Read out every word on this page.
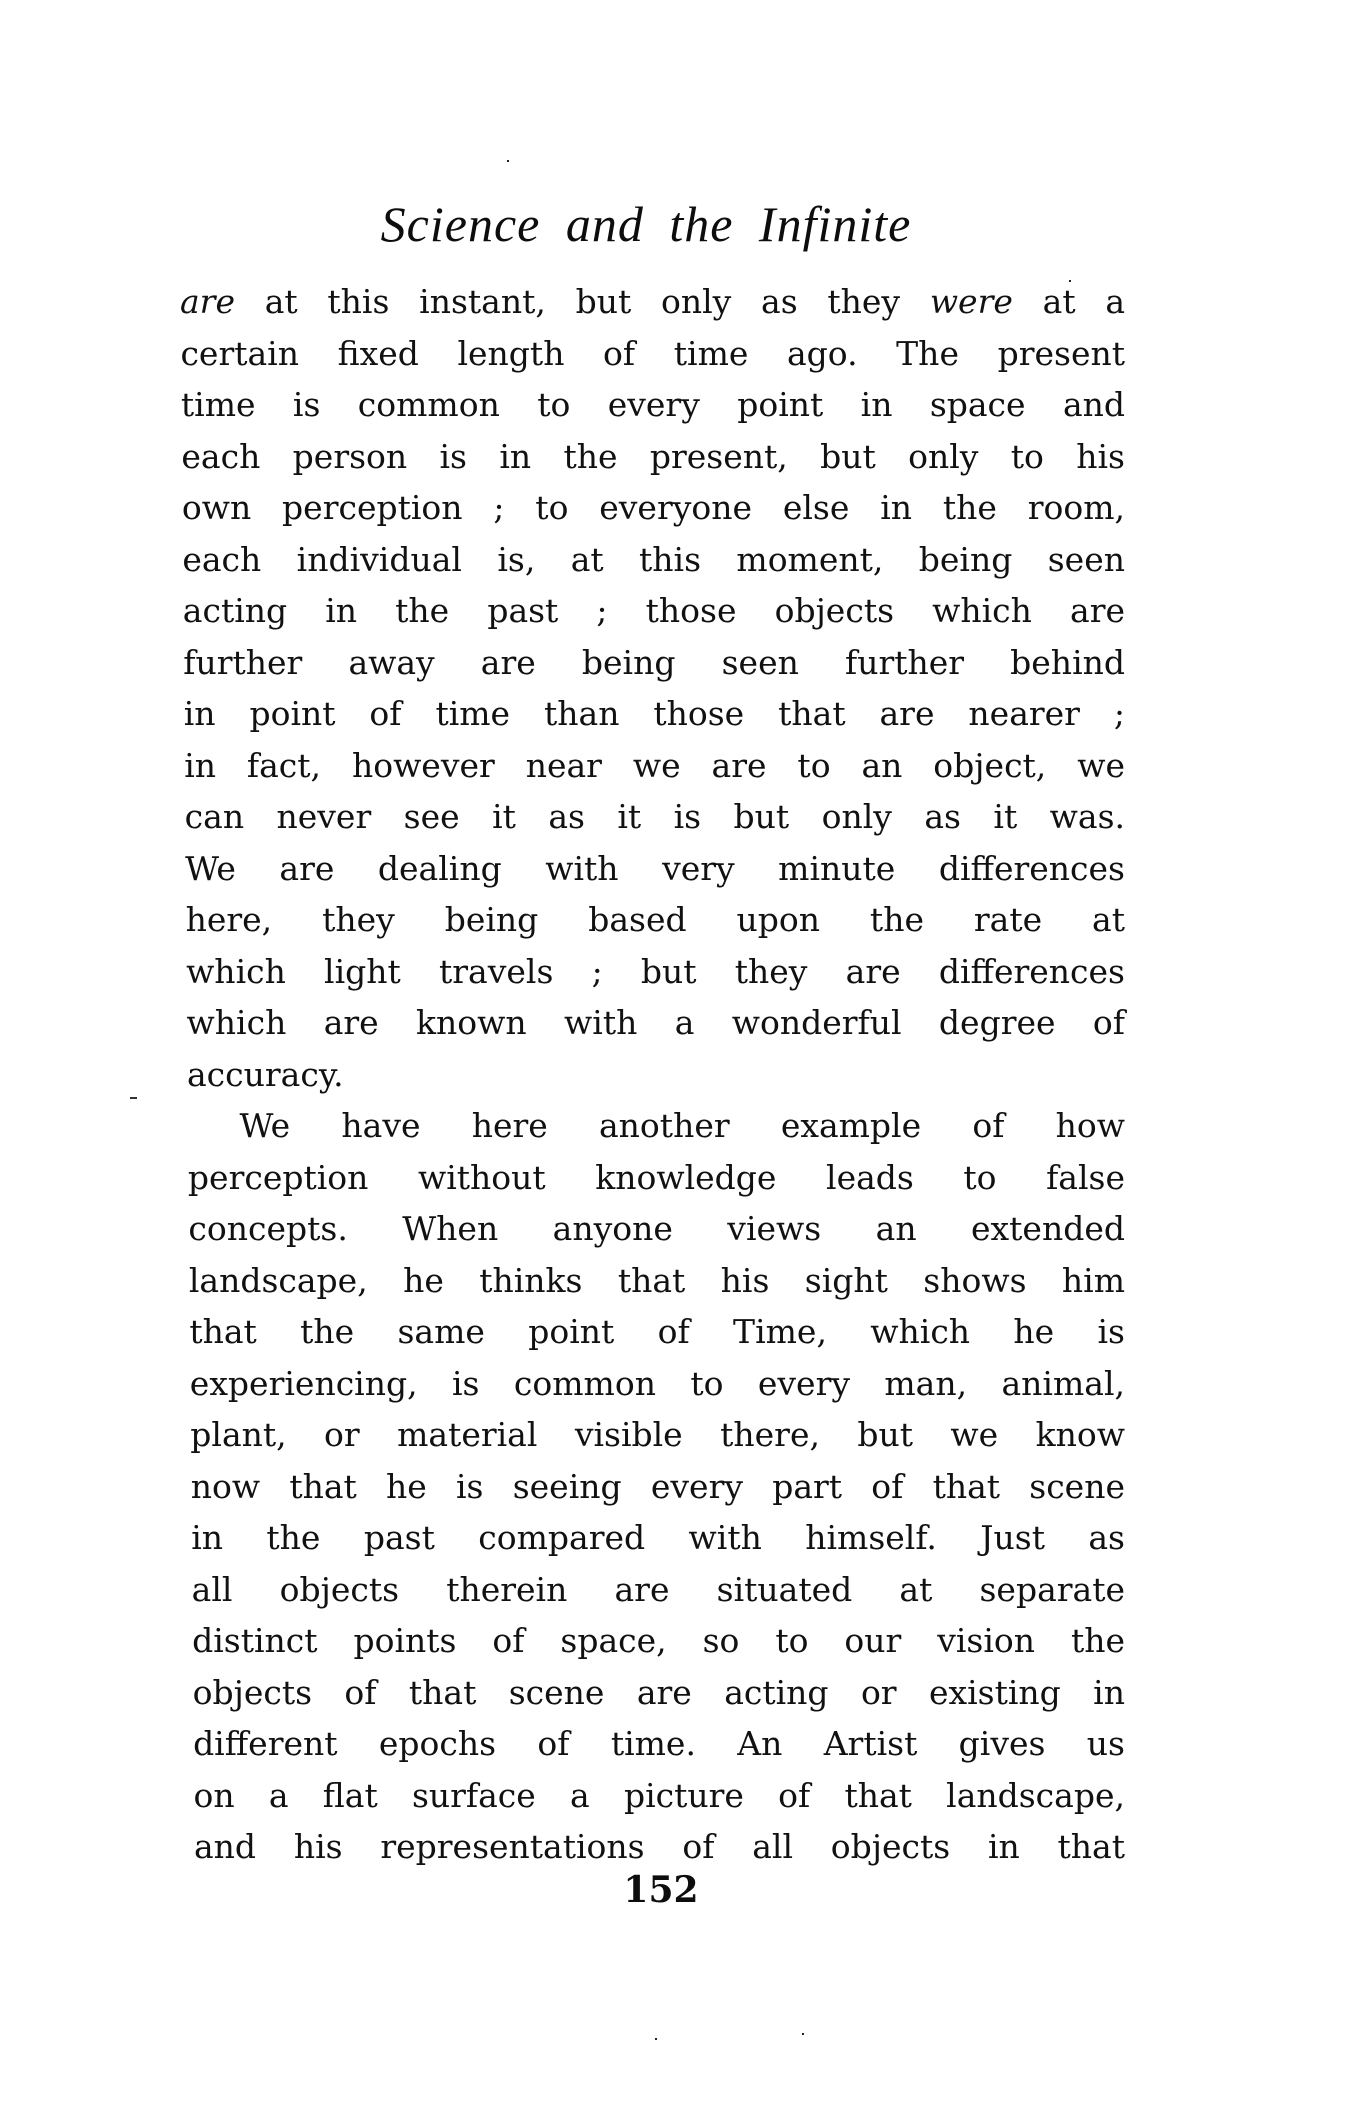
Science and the Infinite
are at this instant, but only as they were at a
certain fixed length of time ago. The present
time is common to every point in space and
each person is in the present, but only to his
own perception ; to everyone else in the room,
each individual is, at this moment, being seen
acting in the past ; those objects which are
further away are being seen further behind
in point of time than those that are nearer ;
in fact, however near we are to an object, we
can never see it as it is but only as it was.
We are dealing with very minute differences
here, they being based upon the rate at
which light travels ; but they are differences
which are known with a wonderful degree of
accuracy.
We have here another example of how
perception without knowledge leads to false
concepts. When anyone views an extended
landscape, he thinks that his sight shows him
that the same point of Time, which he is
experiencing, is common to every man, animal,
plant, or material visible there, but we know
now that he is seeing every part of that scene
in the past compared with himself. Just as
all objects therein are situated at separate
distinct points of space, so to our vision the
objects of that scene are acting or existing in
different epochs of time. An Artist gives us
on a flat surface a picture of that landscape,
and his representations of all objects in that
152
